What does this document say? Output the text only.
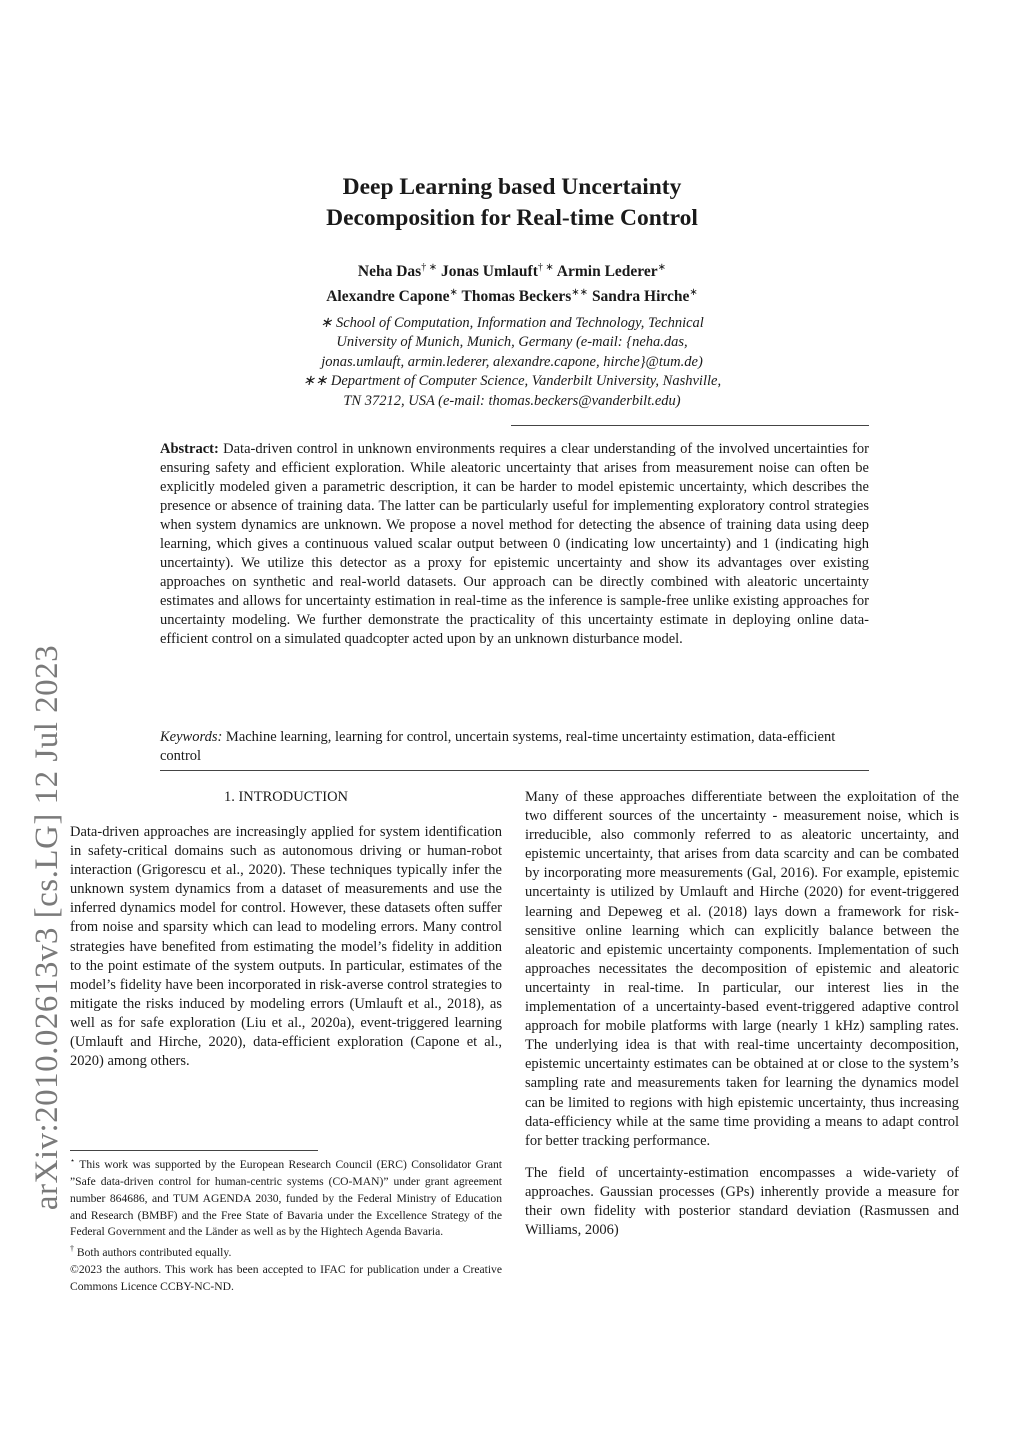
arXiv:2010.02613v3 [cs.LG] 12 Jul 2023
Deep Learning based Uncertainty
Decomposition for Real-time Control
Neha Das† ∗ Jonas Umlauft† ∗ Armin Lederer∗
Alexandre Capone∗ Thomas Beckers∗∗ Sandra Hirche∗
∗ School of Computation, Information and Technology, Technical
University of Munich, Munich, Germany (e-mail: {neha.das,
jonas.umlauft, armin.lederer, alexandre.capone, hirche}@tum.de)
∗∗ Department of Computer Science, Vanderbilt University, Nashville,
TN 37212, USA (e-mail: thomas.beckers@vanderbilt.edu)
Abstract: Data-driven control in unknown environments requires a clear understanding of the involved uncertainties for ensuring safety and efficient exploration. While aleatoric uncertainty that arises from measurement noise can often be explicitly modeled given a parametric description, it can be harder to model epistemic uncertainty, which describes the presence or absence of training data. The latter can be particularly useful for implementing exploratory control strategies when system dynamics are unknown. We propose a novel method for detecting the absence of training data using deep learning, which gives a continuous valued scalar output between 0 (indicating low uncertainty) and 1 (indicating high uncertainty). We utilize this detector as a proxy for epistemic uncertainty and show its advantages over existing approaches on synthetic and real-world datasets. Our approach can be directly combined with aleatoric uncertainty estimates and allows for uncertainty estimation in real-time as the inference is sample-free unlike existing approaches for uncertainty modeling. We further demonstrate the practicality of this uncertainty estimate in deploying online data-efficient control on a simulated quadcopter acted upon by an unknown disturbance model.
Keywords: Machine learning, learning for control, uncertain systems, real-time uncertainty estimation, data-efficient control
1. INTRODUCTION

Data-driven approaches are increasingly applied for system identification in safety-critical domains such as autonomous driving or human-robot interaction (Grigorescu et al., 2020). These techniques typically infer the unknown system dynamics from a dataset of measurements and use the inferred dynamics model for control. However, these datasets often suffer from noise and sparsity which can lead to modeling errors. Many control strategies have benefited from estimating the model’s fidelity in addition to the point estimate of the system outputs. In particular, estimates of the model’s fidelity have been incorporated in risk-averse control strategies to mitigate the risks induced by modeling errors (Umlauft et al., 2018), as well as for safe exploration (Liu et al., 2020a), event-triggered learning (Umlauft and Hirche, 2020), data-efficient exploration (Capone et al., 2020) among others.

Many of these approaches differentiate between the exploitation of the two different sources of the uncertainty - measurement noise, which is irreducible, also commonly referred to as aleatoric uncertainty, and epistemic uncertainty, that arises from data scarcity and can be combated by incorporating more measurements (Gal, 2016). For example, epistemic uncertainty is utilized by Umlauft and Hirche (2020) for event-triggered learning and Depeweg et al. (2018) lays down a framework for risk-sensitive online learning which can explicitly balance between the aleatoric and epistemic uncertainty components. Implementation of such approaches necessitates the decomposition of epistemic and aleatoric uncertainty in real-time. In particular, our interest lies in the implementation of a uncertainty-based event-triggered adaptive control approach for mobile platforms with large (nearly 1 kHz) sampling rates. The underlying idea is that with real-time uncertainty decomposition, epistemic uncertainty estimates can be obtained at or close to the system’s sampling rate and measurements taken for learning the dynamics model can be limited to regions with high epistemic uncertainty, thus increasing data-efficiency while at the same time providing a means to adapt control for better tracking performance.

The field of uncertainty-estimation encompasses a wide-variety of approaches. Gaussian processes (GPs) inherently provide a measure for their own fidelity with posterior standard deviation (Rasmussen and Williams, 2006)

⋆ This work was supported by the European Research Council (ERC) Consolidator Grant ”Safe data-driven control for human-centric systems (CO-MAN)” under grant agreement number 864686, and TUM AGENDA 2030, funded by the Federal Ministry of Education and Research (BMBF) and the Free State of Bavaria under the Excellence Strategy of the Federal Government and the Länder as well as by the Hightech Agenda Bavaria.

† Both authors contributed equally.

©2023 the authors. This work has been accepted to IFAC for publication under a Creative Commons Licence CCBY-NC-ND.
